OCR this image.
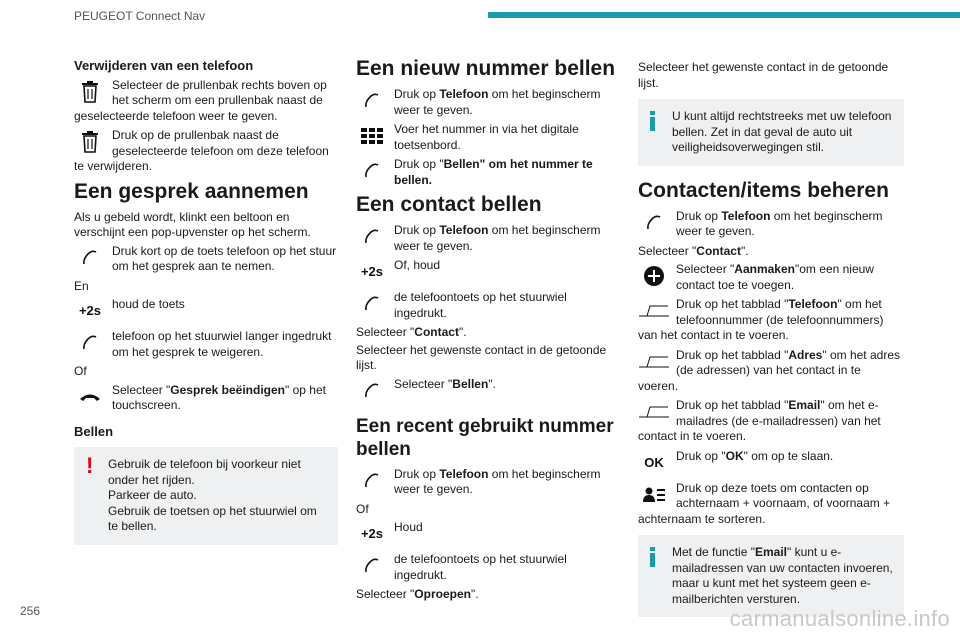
PEUGEOT Connect Nav
Verwijderen van een telefoon
Selecteer de prullenbak rechts boven op het scherm om een prullenbak naast de geselecteerde telefoon weer te geven.
Druk op de prullenbak naast de geselecteerde telefoon om deze telefoon te verwijderen.
Een gesprek aannemen

Als u gebeld wordt, klinkt een beltoon en verschijnt een pop-upvenster op het scherm.

Druk kort op de toets telefoon op het stuur om het gesprek aan te nemen.

En

+2s houd de toets
telefoon op het stuurwiel langer ingedrukt om het gesprek te weigeren.

Of

Selecteer "Gesprek beëindigen" op het touchscreen.
Bellen
! Gebruik de telefoon bij voorkeur niet onder het rijden.

Parkeer de auto.

Gebruik de toetsen op het stuurwiel om te bellen.

Een nieuw nummer bellen
Druk op Telefoon om het beginscherm weer te geven.
Voer het nummer in via het digitale toetsenbord.
Druk op "Bellen" om het nummer te bellen.
Een contact bellen
Druk op Telefoon om het beginscherm weer te geven.
+2s Of, houd
de telefoontoets op het stuurwiel ingedrukt.

Selecteer "Contact".

Selecteer het gewenste contact in de getoonde lijst.

Selecteer "Bellen".
Een recent gebruikt nummer bellen
Druk op Telefoon om het beginscherm weer te geven.

Of

+2s Houd
de telefoontoets op het stuurwiel ingedrukt.

Selecteer "Oproepen".

Selecteer het gewenste contact in de getoonde lijst.

U kunt altijd rechtstreeks met uw telefoon bellen. Zet in dat geval de auto uit veiligheidsoverwegingen stil.

Contacten/items beheren
Druk op Telefoon om het beginscherm weer te geven.

Selecteer "Contact".

Selecteer "Aanmaken"om een nieuw contact toe te voegen.
Druk op het tabblad "Telefoon" om het telefoonnummer (de telefoonnummers) van het contact in te voeren.
Druk op het tabblad "Adres" om het adres (de adressen) van het contact in te voeren.
Druk op het tabblad "Email" om het e-mailadres (de e-mailadressen) van het contact in te voeren.
OK Druk op "OK" om op te slaan.
Druk op deze toets om contacten op achternaam + voornaam, of voornaam + achternaam te sorteren.

Met de functie "Email" kunt u e-mailadressen van uw contacten invoeren, maar u kunt met het systeem geen e-mailberichten versturen.

256	carmanualsonline.info
